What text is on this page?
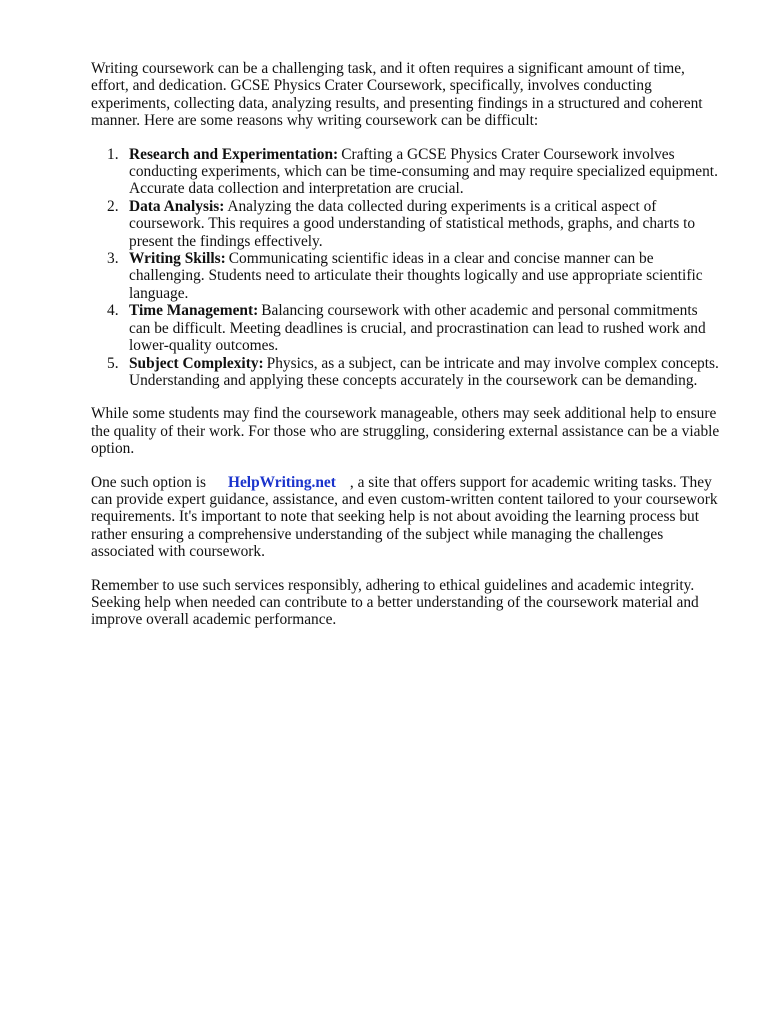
Writing coursework can be a challenging task, and it often requires a significant amount of time, effort, and dedication. GCSE Physics Crater Coursework, specifically, involves conducting experiments, collecting data, analyzing results, and presenting findings in a structured and coherent manner. Here are some reasons why writing coursework can be difficult:

1. Research and Experimentation: Crafting a GCSE Physics Crater Coursework involves conducting experiments, which can be time-consuming and may require specialized equipment. Accurate data collection and interpretation are crucial.
2. Data Analysis: Analyzing the data collected during experiments is a critical aspect of coursework. This requires a good understanding of statistical methods, graphs, and charts to present the findings effectively.
3. Writing Skills: Communicating scientific ideas in a clear and concise manner can be challenging. Students need to articulate their thoughts logically and use appropriate scientific language.
4. Time Management: Balancing coursework with other academic and personal commitments can be difficult. Meeting deadlines is crucial, and procrastination can lead to rushed work and lower-quality outcomes.
5. Subject Complexity: Physics, as a subject, can be intricate and may involve complex concepts. Understanding and applying these concepts accurately in the coursework can be demanding.

While some students may find the coursework manageable, others may seek additional help to ensure the quality of their work. For those who are struggling, considering external assistance can be a viable option.

One such option is HelpWriting.net , a site that offers support for academic writing tasks. They can provide expert guidance, assistance, and even custom-written content tailored to your coursework requirements. It's important to note that seeking help is not about avoiding the learning process but rather ensuring a comprehensive understanding of the subject while managing the challenges associated with coursework.

Remember to use such services responsibly, adhering to ethical guidelines and academic integrity. Seeking help when needed can contribute to a better understanding of the coursework material and improve overall academic performance.
